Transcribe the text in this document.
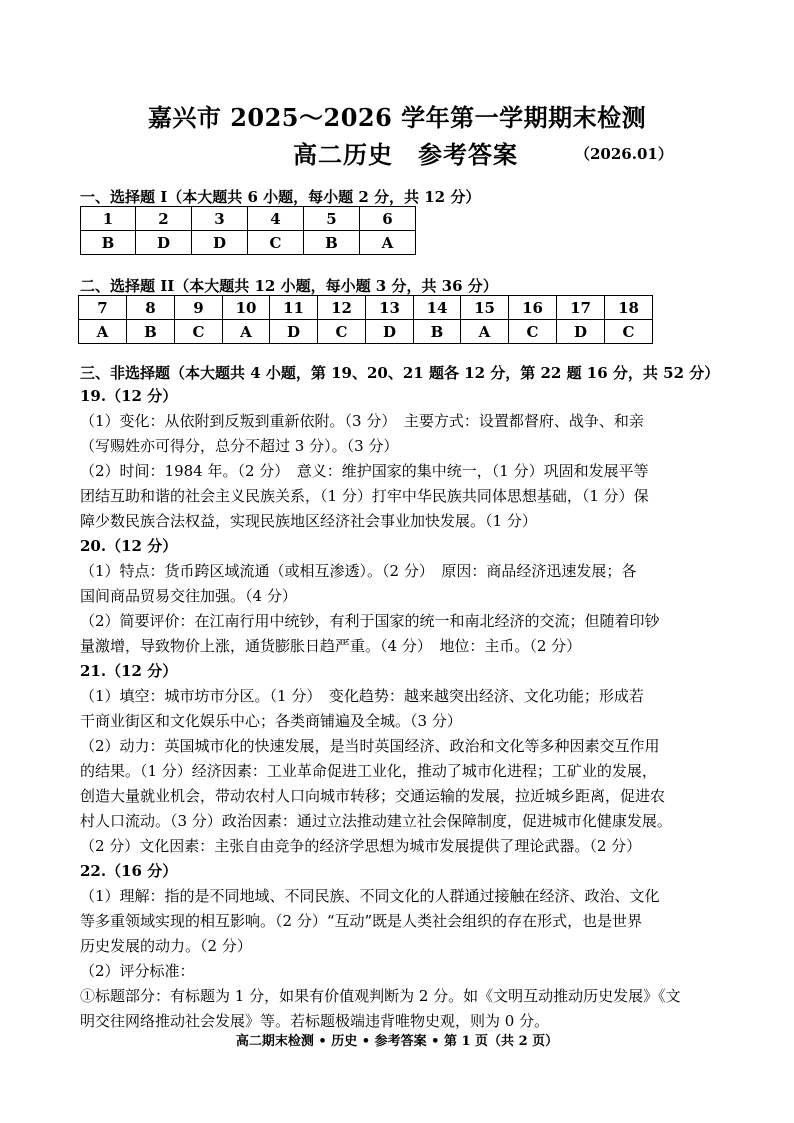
嘉兴市 2025～2026 学年第一学期期末检测
高二历史　参考答案	（2026.01）
一、选择题 I（本大题共 6 小题，每小题 2 分，共 12 分）
1	2	3	4	5	6
B	D	D	C	B	A
二、选择题 II（本大题共 12 小题，每小题 3 分，共 36 分）
7	8	9	10	11	12	13	14	15	16	17	18
A	B	C	A	D	C	D	B	A	C	D	C
三、非选择题（本大题共 4 小题，第 19、20、21 题各 12 分，第 22 题 16 分，共 52 分）

19.（12 分）

（1）变化：从依附到反叛到重新依附。（3 分）　主要方式：设置都督府、战争、和亲

（写赐姓亦可得分，总分不超过 3 分）。（3 分）

（2）时间：1984 年。（2 分）　意义：维护国家的集中统一，（1 分）巩固和发展平等

团结互助和谐的社会主义民族关系，（1 分）打牢中华民族共同体思想基础，（1 分）保

障少数民族合法权益，实现民族地区经济社会事业加快发展。（1 分）

20.（12 分）

（1）特点：货币跨区域流通（或相互渗透）。（2 分）　原因：商品经济迅速发展；各

国间商品贸易交往加强。（4 分）

（2）简要评价：在江南行用中统钞，有利于国家的统一和南北经济的交流；但随着印钞

量激增，导致物价上涨，通货膨胀日趋严重。（4 分）　地位：主币。（2 分）

21.（12 分）

（1）填空：城市坊市分区。（1 分）　变化趋势：越来越突出经济、文化功能；形成若

干商业街区和文化娱乐中心；各类商铺遍及全城。（3 分）

（2）动力：英国城市化的快速发展，是当时英国经济、政治和文化等多种因素交互作用

的结果。（1 分）经济因素：工业革命促进工业化，推动了城市化进程；工矿业的发展，

创造大量就业机会，带动农村人口向城市转移；交通运输的发展，拉近城乡距离，促进农

村人口流动。（3 分）政治因素：通过立法推动建立社会保障制度，促进城市化健康发展。

（2 分）文化因素：主张自由竞争的经济学思想为城市发展提供了理论武器。（2 分）

22.（16 分）

（1）理解：指的是不同地域、不同民族、不同文化的人群通过接触在经济、政治、文化

等多重领域实现的相互影响。（2 分）“互动”既是人类社会组织的存在形式，也是世界

历史发展的动力。（2 分）

（2）评分标准：

①标题部分：有标题为 1 分，如果有价值观判断为 2 分。如《文明互动推动历史发展》《文

明交往网络推动社会发展》等。若标题极端违背唯物史观，则为 0 分。

高二期末检测 • 历史 • 参考答案 • 第 1 页（共 2 页）
